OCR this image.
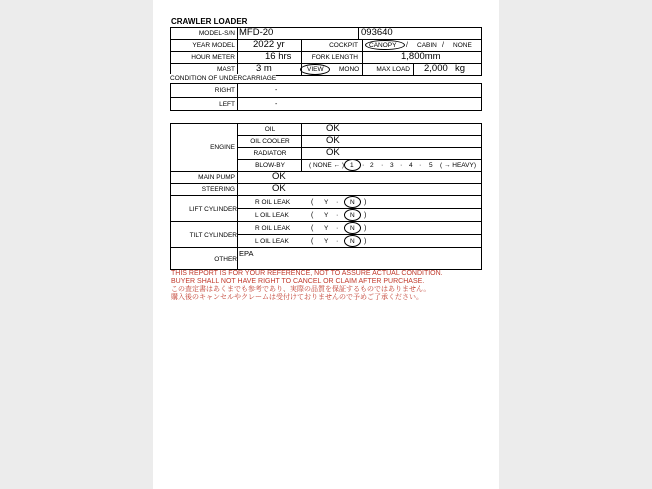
CRAWLER LOADER
MODEL-S/N MFD-20	093640
YEAR MODEL 2022 yr	COCKPIT CANOPY / CABIN / NONE
HOUR METER	16 hrs	FORK LENGTH	1,800mm
MAST 3 m	VIEW MONO	MAX LOAD 2,000 kg
CONDITION OF UNDERCARRIAGE
RIGHT	-
LEFT	-
ENGINE
OIL	OK
OIL COOLER	OK
RADIATOR	OK
BLOW-BY	( NONE ← ) 1 · 2 · 3 · 4 · 5 ( → HEAVY)
MAIN PUMP	OK
STEERING	OK
LIFT CYLINDER
R OIL LEAK	( Y · N )
L OIL LEAK	( Y · N )
TILT CYLINDER
R OIL LEAK	( Y · N )
L OIL LEAK	( Y · N )
OTHER
EPA
THIS REPORT IS FOR YOUR REFERENCE, NOT TO ASSURE ACTUAL CONDITION.
BUYER SHALL NOT HAVE RIGHT TO CANCEL OR CLAIM AFTER PURCHASE.
この査定書はあくまでも参考であり、実際の品質を保証するものではありません。
購入後のキャンセルやクレームは受付けておりませんので予めご了承ください。
